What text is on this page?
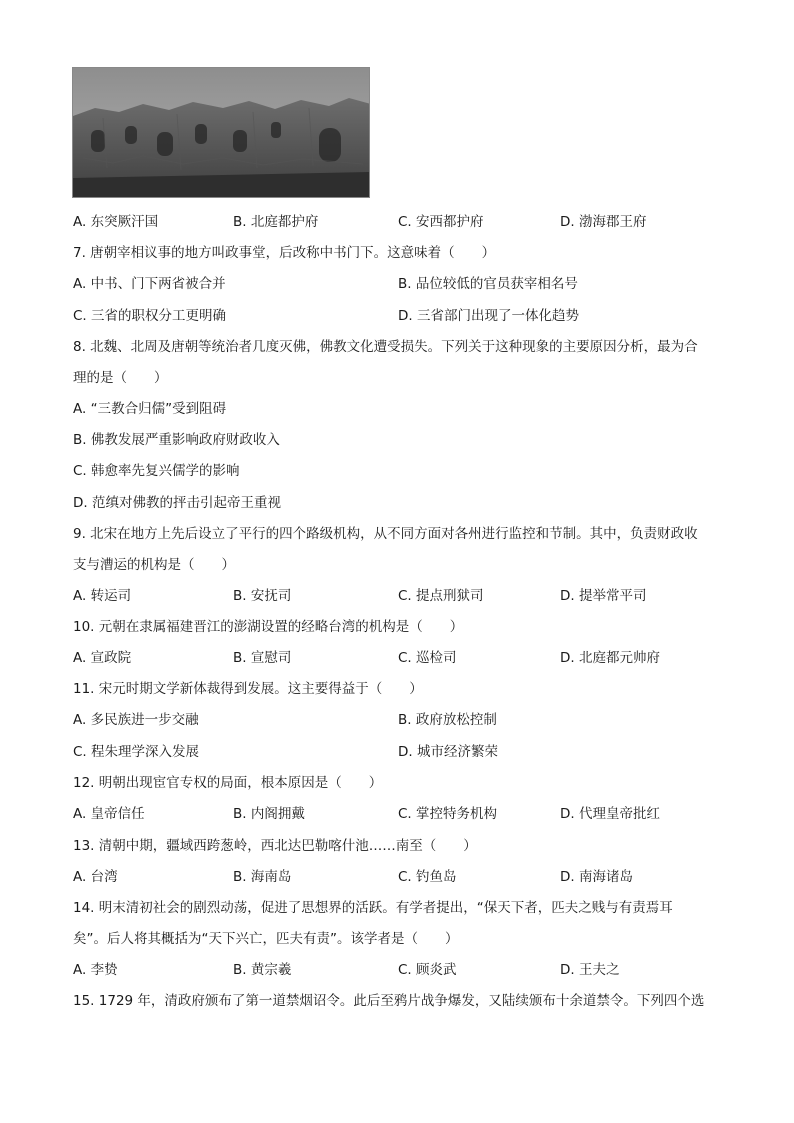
A. 东突厥汗国	B. 北庭都护府	C. 安西都护府	D. 渤海郡王府
7. 唐朝宰相议事的地方叫政事堂，后改称中书门下。这意味着（　　）
A. 中书、门下两省被合并	B. 品位较低的官员获宰相名号
C. 三省的职权分工更明确	D. 三省部门出现了一体化趋势
8. 北魏、北周及唐朝等统治者几度灭佛，佛教文化遭受损失。下列关于这种现象的主要原因分析，最为合
理的是（　　）
A. “三教合归儒”受到阻碍
B. 佛教发展严重影响政府财政收入
C. 韩愈率先复兴儒学的影响
D. 范缜对佛教的抨击引起帝王重视
9. 北宋在地方上先后设立了平行的四个路级机构，从不同方面对各州进行监控和节制。其中，负责财政收
支与漕运的机构是（　　）
A. 转运司	B. 安抚司	C. 提点刑狱司	D. 提举常平司
10. 元朝在隶属福建晋江的澎湖设置的经略台湾的机构是（　　）
A. 宣政院	B. 宣慰司	C. 巡检司	D. 北庭都元帅府
11. 宋元时期文学新体裁得到发展。这主要得益于（　　）
A. 多民族进一步交融	B. 政府放松控制
C. 程朱理学深入发展	D. 城市经济繁荣
12. 明朝出现宦官专权的局面，根本原因是（　　）
A. 皇帝信任	B. 内阁拥戴	C. 掌控特务机构	D. 代理皇帝批红
13. 清朝中期，疆域西跨葱岭，西北达巴勒喀什池……南至（　　）
A. 台湾	B. 海南岛	C. 钓鱼岛	D. 南海诸岛
14. 明末清初社会的剧烈动荡，促进了思想界的活跃。有学者提出，“保天下者，匹夫之贱与有责焉耳
矣”。后人将其概括为“天下兴亡，匹夫有责”。该学者是（　　）
A. 李贽	B. 黄宗羲	C. 顾炎武	D. 王夫之
15. 1729 年，清政府颁布了第一道禁烟诏令。此后至鸦片战争爆发，又陆续颁布十余道禁令。下列四个选
